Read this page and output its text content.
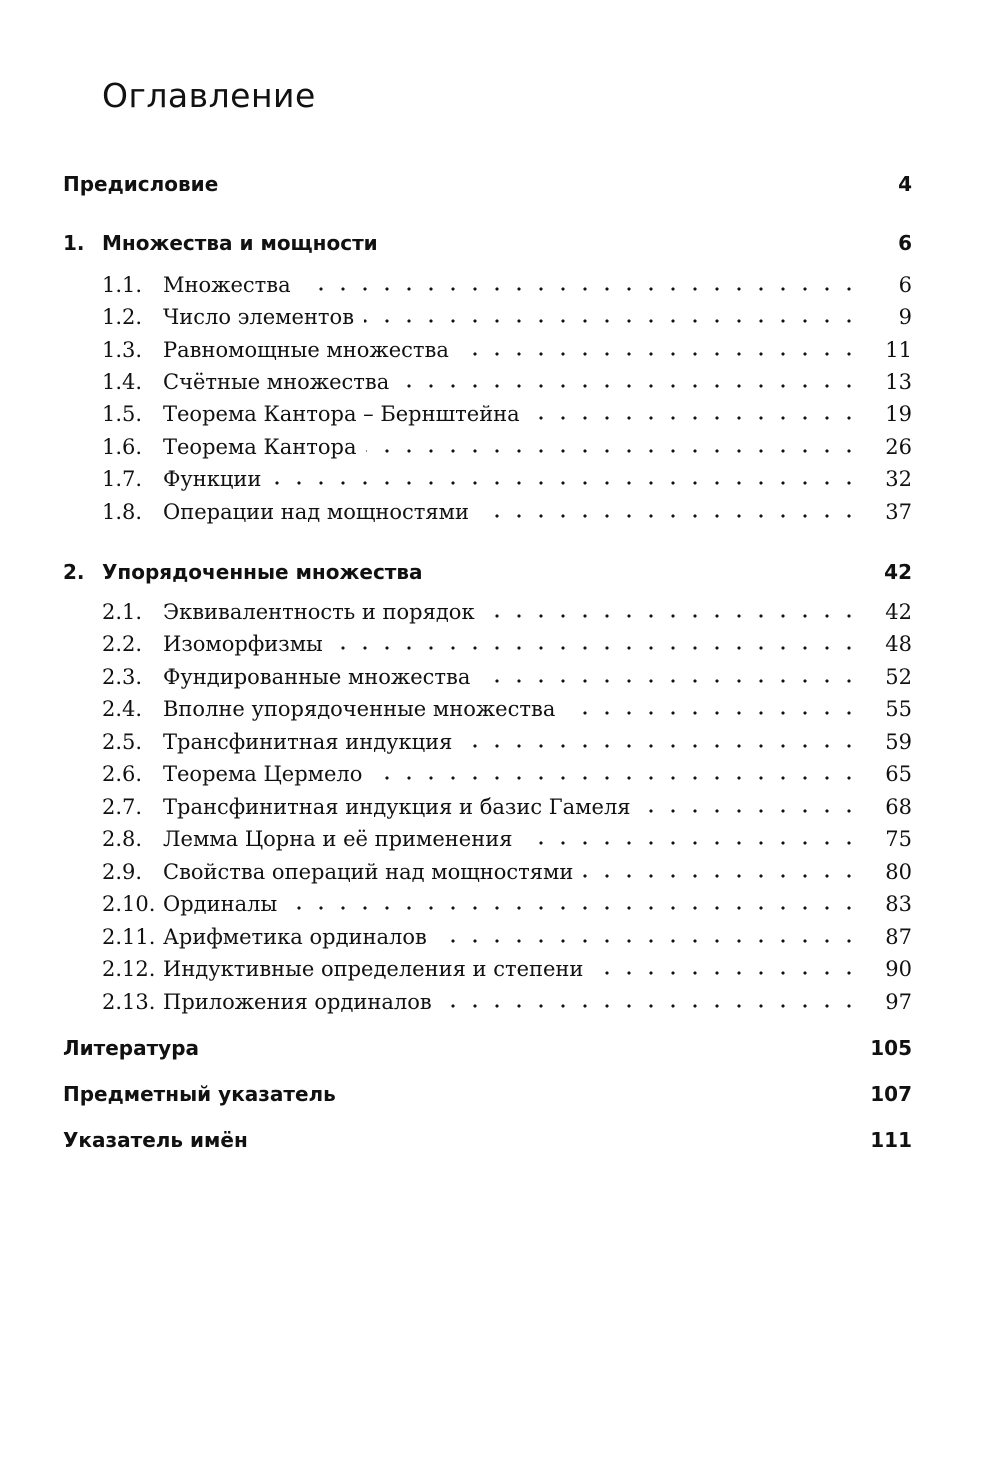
Оглавление
Предисловие	4
1. Множества и мощности	6
1.1. Множества	6
1.2. Число элементов	9
1.3. Равномощные множества	11
1.4. Счётные множества	13
1.5. Теорема Кантора – Бернштейна	19
1.6. Теорема Кантора	26
1.7. Функции	32
1.8. Операции над мощностями	37
2. Упорядоченные множества	42
2.1. Эквивалентность и порядок	42
2.2. Изоморфизмы	48
2.3. Фундированные множества	52
2.4. Вполне упорядоченные множества	55
2.5. Трансфинитная индукция	59
2.6. Теорема Цермело	65
2.7. Трансфинитная индукция и базис Гамеля	68
2.8. Лемма Цорна и её применения	75
2.9. Свойства операций над мощностями	80
2.10. Ординалы	83
2.11. Арифметика ординалов	87
2.12. Индуктивные определения и степени	90
2.13. Приложения ординалов	97
Литература	105
Предметный указатель	107
Указатель имён	111
